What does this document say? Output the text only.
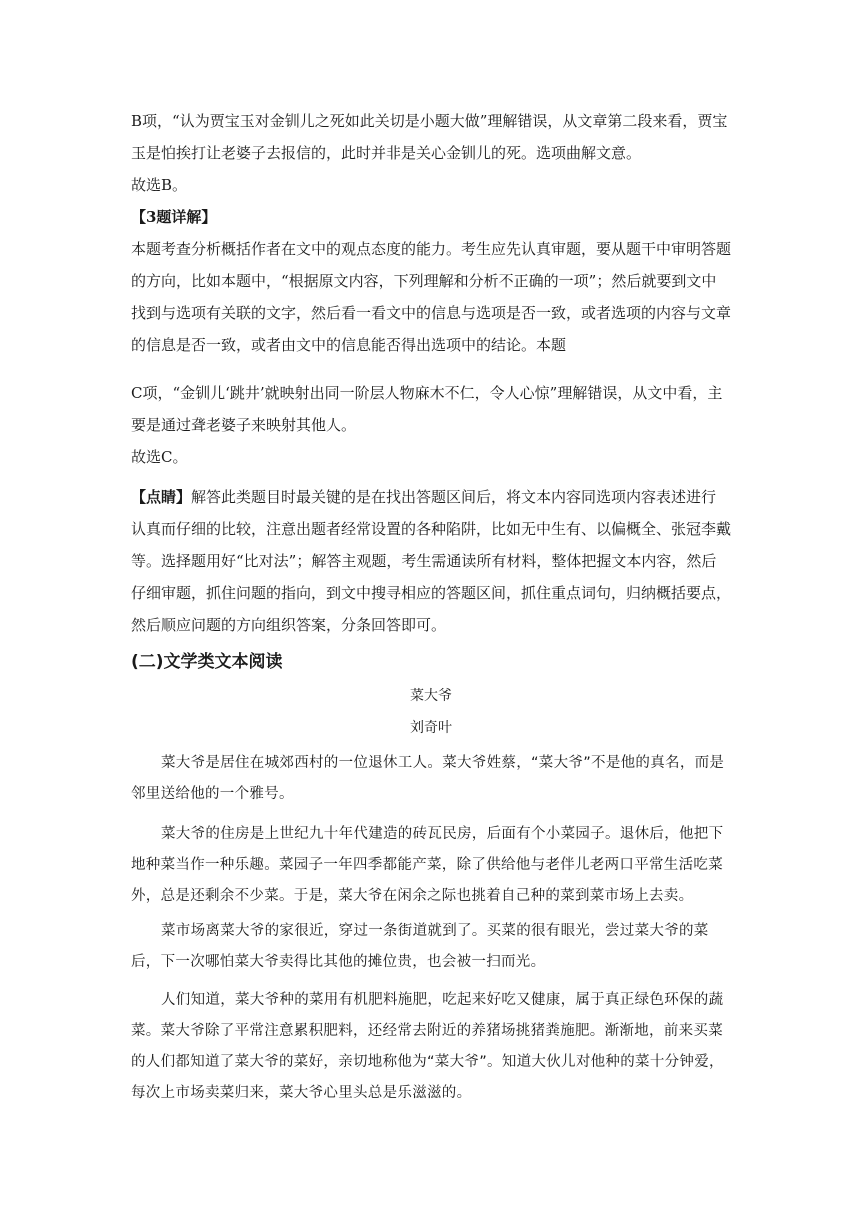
B项，“认为贾宝玉对金钏儿之死如此关切是小题大做”理解错误，从文章第二段来看，贾宝玉是怕挨打让老婆子去报信的，此时并非是关心金钏儿的死。选项曲解文意。

故选B。

【3题详解】

本题考查分析概括作者在文中的观点态度的能力。考生应先认真审题，要从题干中审明答题的方向，比如本题中，“根据原文内容，下列理解和分析不正确的一项”；然后就要到文中找到与选项有关联的文字，然后看一看文中的信息与选项是否一致，或者选项的内容与文章的信息是否一致，或者由文中的信息能否得出选项中的结论。本题

C项，“金钏儿‘跳井’就映射出同一阶层人物麻木不仁，令人心惊”理解错误，从文中看，主要是通过聋老婆子来映射其他人。

故选C。

【点睛】解答此类题目时最关键的是在找出答题区间后，将文本内容同选项内容表述进行认真而仔细的比较，注意出题者经常设置的各种陷阱，比如无中生有、以偏概全、张冠李戴等。选择题用好“比对法”；解答主观题，考生需通读所有材料，整体把握文本内容，然后仔细审题，抓住问题的指向，到文中搜寻相应的答题区间，抓住重点词句，归纳概括要点，然后顺应问题的方向组织答案，分条回答即可。

(二)文学类文本阅读

菜大爷

刘奇叶

菜大爷是居住在城郊西村的一位退休工人。菜大爷姓蔡，“菜大爷”不是他的真名，而是邻里送给他的一个雅号。

菜大爷的住房是上世纪九十年代建造的砖瓦民房，后面有个小菜园子。退休后，他把下地种菜当作一种乐趣。菜园子一年四季都能产菜，除了供给他与老伴儿老两口平常生活吃菜外，总是还剩余不少菜。于是，菜大爷在闲余之际也挑着自己种的菜到菜市场上去卖。

菜市场离菜大爷的家很近，穿过一条街道就到了。买菜的很有眼光，尝过菜大爷的菜后，下一次哪怕菜大爷卖得比其他的摊位贵，也会被一扫而光。

人们知道，菜大爷种的菜用有机肥料施肥，吃起来好吃又健康，属于真正绿色环保的蔬菜。菜大爷除了平常注意累积肥料，还经常去附近的养猪场挑猪粪施肥。渐渐地，前来买菜的人们都知道了菜大爷的菜好，亲切地称他为“菜大爷”。知道大伙儿对他种的菜十分钟爱，每次上市场卖菜归来，菜大爷心里头总是乐滋滋的。
